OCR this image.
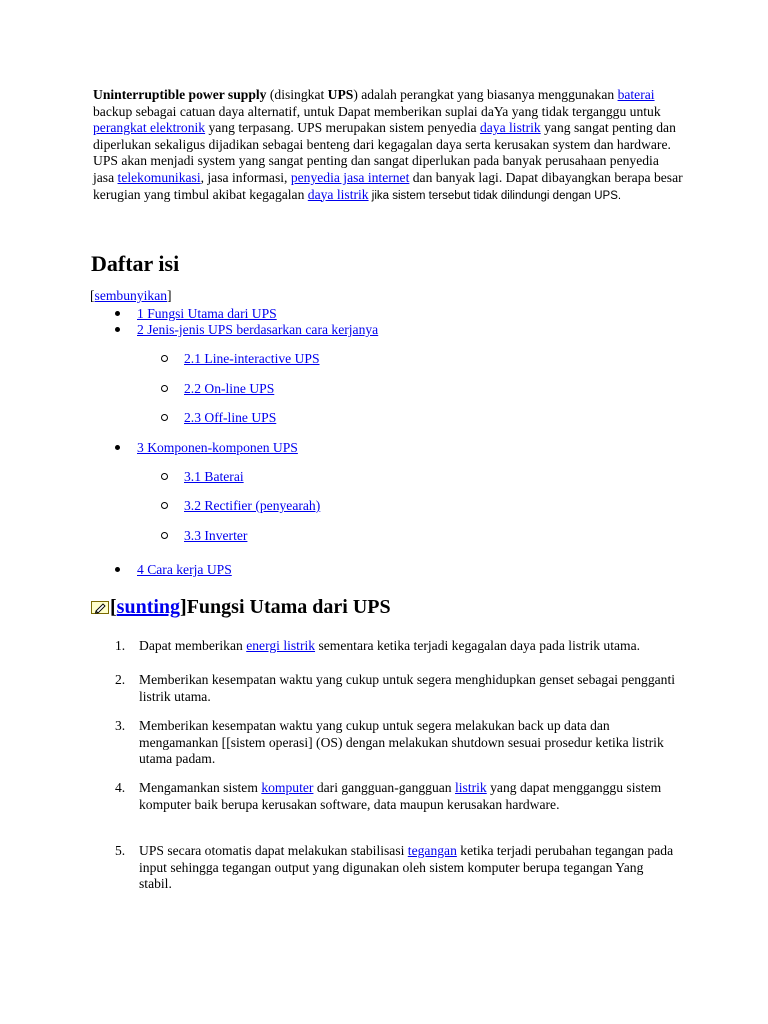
Uninterruptible power supply (disingkat UPS) adalah perangkat yang biasanya menggunakan baterai backup sebagai catuan daya alternatif, untuk Dapat memberikan suplai daYa yang tidak terganggu untuk perangkat elektronik yang terpasang. UPS merupakan sistem penyedia daya listrik yang sangat penting dan diperlukan sekaligus dijadikan sebagai benteng dari kegagalan daya serta kerusakan system dan hardware. UPS akan menjadi system yang sangat penting dan sangat diperlukan pada banyak perusahaan penyedia jasa telekomunikasi, jasa informasi, penyedia jasa internet dan banyak lagi. Dapat dibayangkan berapa besar kerugian yang timbul akibat kegagalan daya listrik jika sistem tersebut tidak dilindungi dengan UPS.

Daftar isi
[sembunyikan]
1 Fungsi Utama dari UPS
2 Jenis-jenis UPS berdasarkan cara kerjanya
2.1 Line-interactive UPS
2.2 On-line UPS
2.3 Off-line UPS
3 Komponen-komponen UPS
3.1 Baterai
3.2 Rectifier (penyearah)
3.3 Inverter
4 Cara kerja UPS
[ sunting ] Fungsi Utama dari UPS
1. Dapat memberikan energi listrik sementara ketika terjadi kegagalan daya pada listrik utama.
2. Memberikan kesempatan waktu yang cukup untuk segera menghidupkan genset sebagai pengganti listrik utama.
3. Memberikan kesempatan waktu yang cukup untuk segera melakukan back up data dan mengamankan [[sistem operasi] (OS) dengan melakukan shutdown sesuai prosedur ketika listrik utama padam.
4. Mengamankan sistem komputer dari gangguan-gangguan listrik yang dapat mengganggu sistem komputer baik berupa kerusakan software, data maupun kerusakan hardware.
5. UPS secara otomatis dapat melakukan stabilisasi tegangan ketika terjadi perubahan tegangan pada input sehingga tegangan output yang digunakan oleh sistem komputer berupa tegangan Yang stabil.
